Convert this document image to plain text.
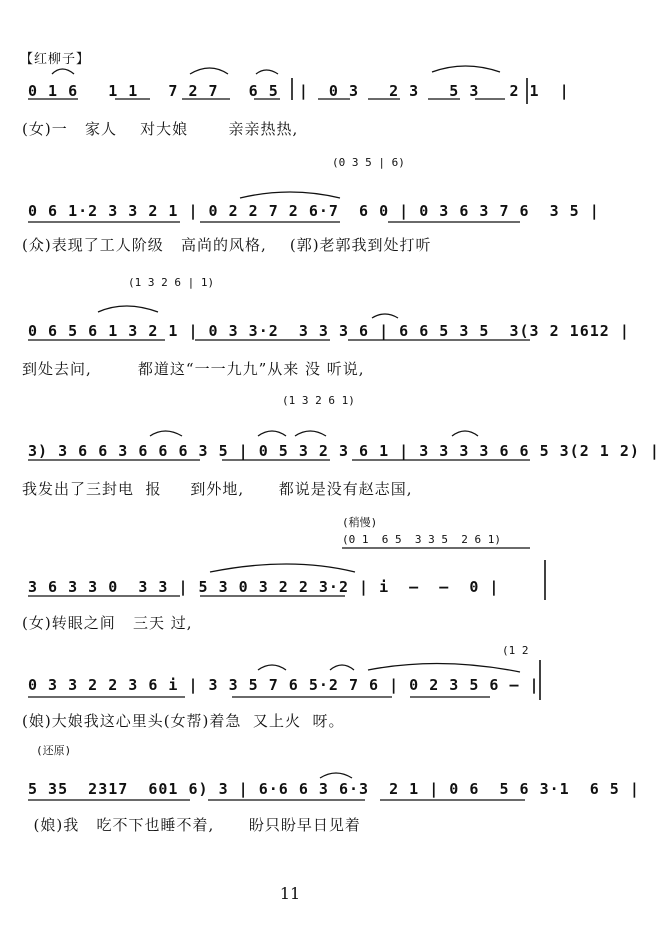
【红柳子】
0 1 6   1 1   7 2 7   6 5  |  0 3   2 3   5 3   2 1  |
(女)一   家人    对大娘       亲亲热热,
(0 3 5 | 6)
0 6 1·2 3 3 2 1 | 0 2 2 7 2 6·7  6 0 | 0 3 6 3 7 6  3 5 |
(众)表现了工人阶级   高尚的风格,    (郭)老郭我到处打听
(1 3 2 6 | 1)
0 6 5 6 1 3 2 1 | 0 3 3·2  3 3 3 6 | 6 6 5 3 5  3(3 2 1612 |
到处去问,        都道这“一一九九”从来 没 听说,
(1 3 2 6 1)
3) 3 6 6 3 6 6 6 3 5 | 0 5 3 2 3 6 1 | 3 3 3 3 6 6 5 3(2 1 2) |
我发出了三封电  报     到外地,      都说是没有赵志国,
(稍慢)
(0 1  6 5  3 3 5  2 6 1)
3 6 3 3 0  3 3 | 5 3 0 3 2 2 3·2 | i  —  —  0 |
(女)转眼之间   三天 过,
(1 2
0 3 3 2 2 3 6 i | 3 3 5 7 6 5·2 7 6 | 0 2 3 5 6 — |
(娘)大娘我这心里头(女帮)着急  又上火  呀。
(还原)
5 35  2317  601 6) 3 | 6·6 6 3 6·3  2 1 | 0 6  5 6 3·1  6 5 |
(娘)我   吃不下也睡不着,      盼只盼早日见着
11
